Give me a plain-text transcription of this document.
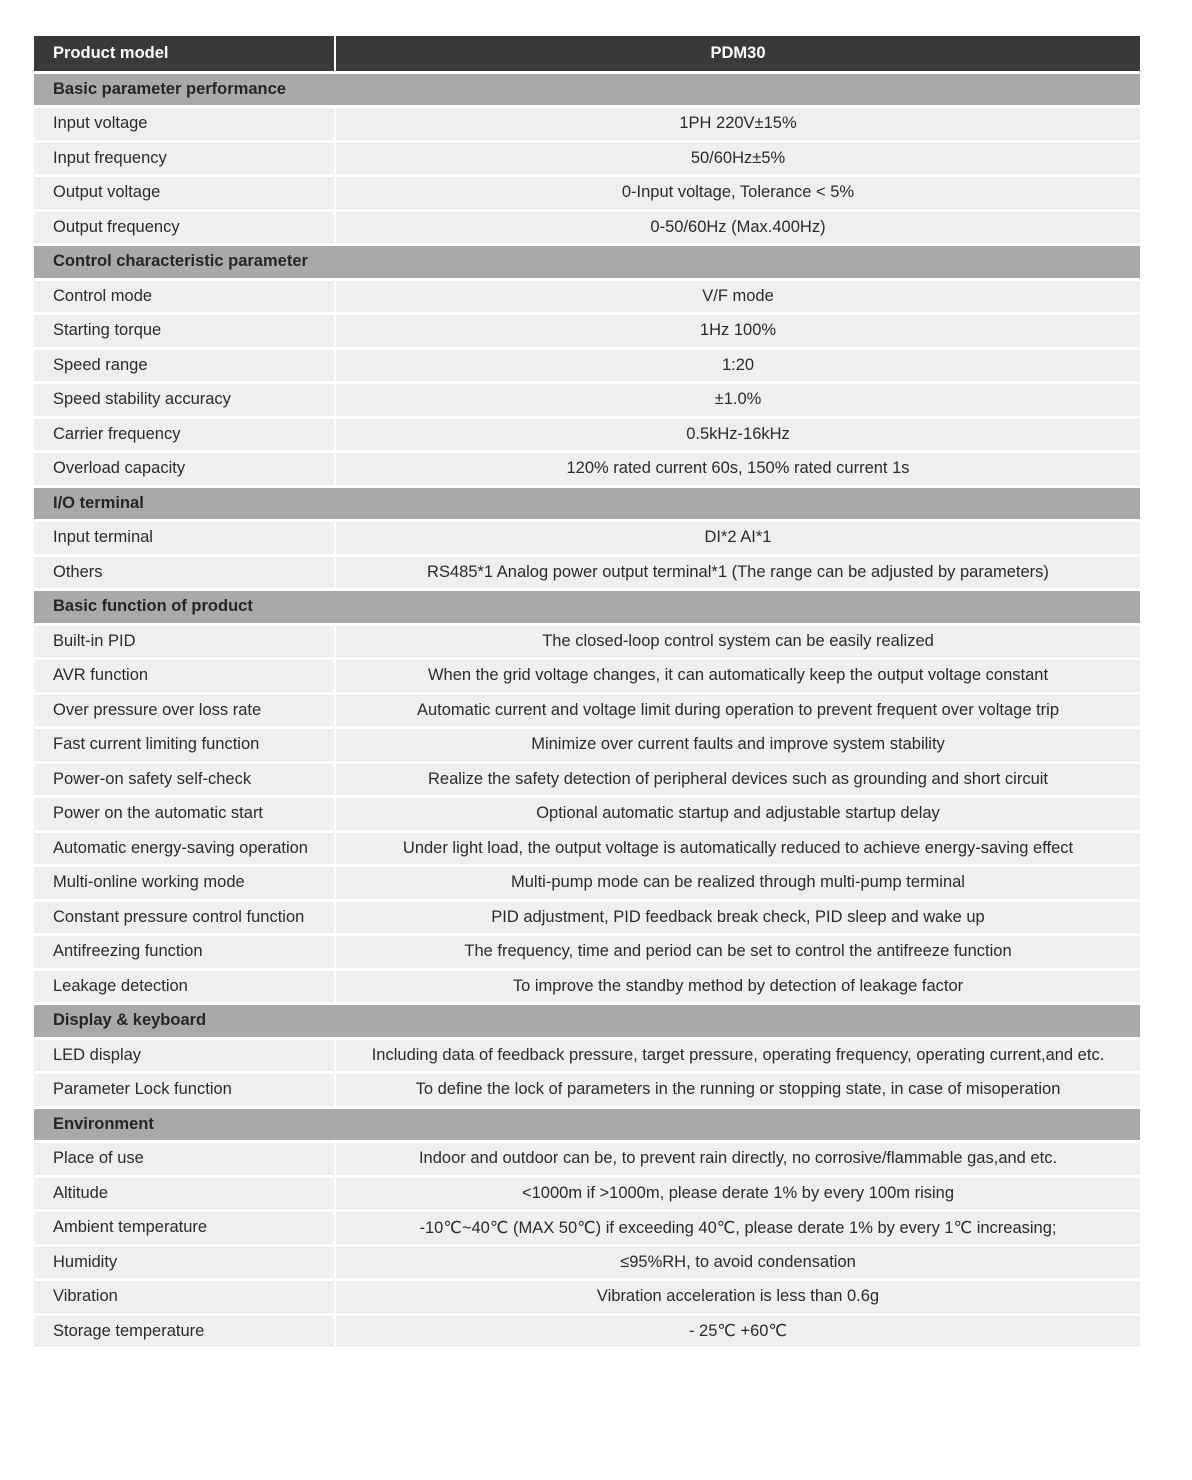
Product model	PDM30
Basic parameter performance	
Input voltage	1PH 220V±15%
Input frequency	50/60Hz±5%
Output voltage	0-Input voltage, Tolerance < 5%
Output frequency	0-50/60Hz (Max.400Hz)
Control characteristic parameter	
Control mode	V/F mode
Starting torque	1Hz 100%
Speed range	1:20
Speed stability accuracy	±1.0%
Carrier frequency	0.5kHz-16kHz
Overload capacity	120% rated current 60s, 150% rated current 1s
I/O terminal	
Input terminal	DI*2 AI*1
Others	RS485*1 Analog power output terminal*1 (The range can be adjusted by parameters)
Basic function of product	
Built-in PID	The closed-loop control system can be easily realized
AVR function	When the grid voltage changes, it can automatically keep the output voltage constant
Over pressure over loss rate	Automatic current and voltage limit during operation to prevent frequent over voltage trip
Fast current limiting function	Minimize over current faults and improve system stability
Power-on safety self-check	Realize the safety detection of peripheral devices such as grounding and short circuit
Power on the automatic start	Optional automatic startup and adjustable startup delay
Automatic energy-saving operation	Under light load, the output voltage is automatically reduced to achieve energy-saving effect
Multi-online working mode	Multi-pump mode can be realized through multi-pump terminal
Constant pressure control function	PID adjustment, PID feedback break check, PID sleep and wake up
Antifreezing function	The frequency, time and period can be set to control the antifreeze function
Leakage detection	To improve the standby method by detection of leakage factor
Display & keyboard	
LED display	Including data of feedback pressure, target pressure, operating frequency, operating current,and etc.
Parameter Lock function	To define the lock of parameters in the running or stopping state, in case of misoperation
Environment	
Place of use	Indoor and outdoor can be, to prevent rain directly, no corrosive/flammable gas,and etc.
Altitude	<1000m if >1000m, please derate 1% by every 100m rising
Ambient temperature	-10℃~40℃ (MAX 50℃) if exceeding 40℃, please derate 1% by every 1℃ increasing;
Humidity	≤95%RH, to avoid condensation
Vibration	Vibration acceleration is less than 0.6g
Storage temperature	- 25℃ +60℃
